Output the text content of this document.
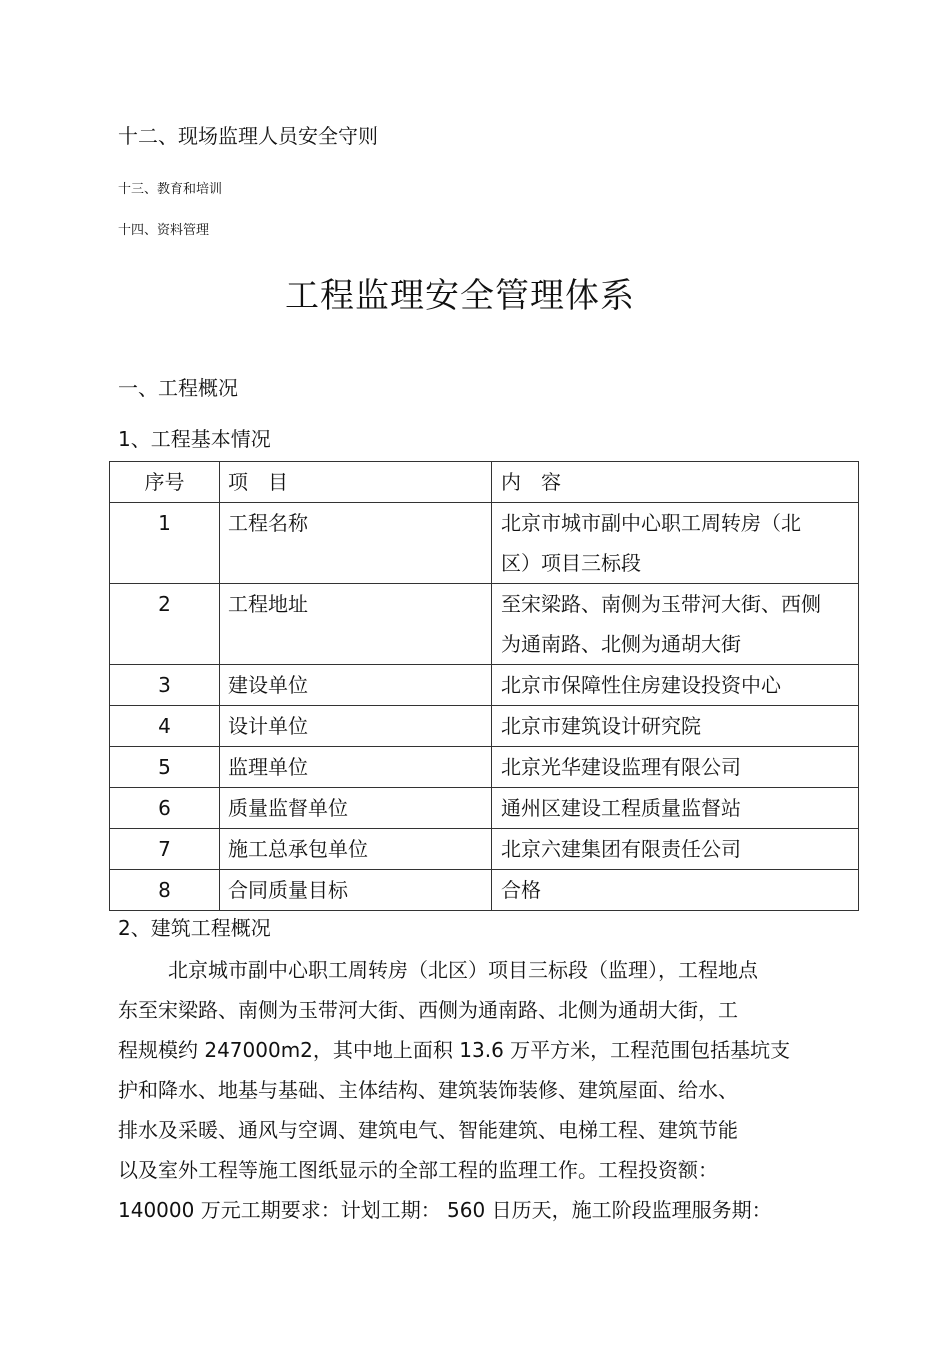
十二、现场监理人员安全守则
十三、教育和培训
十四、资料管理
工程监理安全管理体系
一、工程概况
1、工程基本情况
序号	项　目	内　容
1	工程名称	北京市城市副中心职工周转房（北区）项目三标段
2	工程地址	至宋梁路、南侧为玉带河大街、西侧为通南路、北侧为通胡大街
3	建设单位	北京市保障性住房建设投资中心
4	设计单位	北京市建筑设计研究院
5	监理单位	北京光华建设监理有限公司
6	质量监督单位	通州区建设工程质量监督站
7	施工总承包单位	北京六建集团有限责任公司
8	合同质量目标	合格
2、建筑工程概况
北京城市副中心职工周转房（北区）项目三标段（监理），工程地点
东至宋梁路、南侧为玉带河大街、西侧为通南路、北侧为通胡大街，工
程规模约 247000m2，其中地上面积 13.6 万平方米，工程范围包括基坑支
护和降水、地基与基础、主体结构、建筑装饰装修、建筑屋面、给水、
排水及采暖、通风与空调、建筑电气、智能建筑、电梯工程、建筑节能
以及室外工程等施工图纸显示的全部工程的监理工作。工程投资额：
140000 万元工期要求：计划工期： 560 日历天，施工阶段监理服务期：
